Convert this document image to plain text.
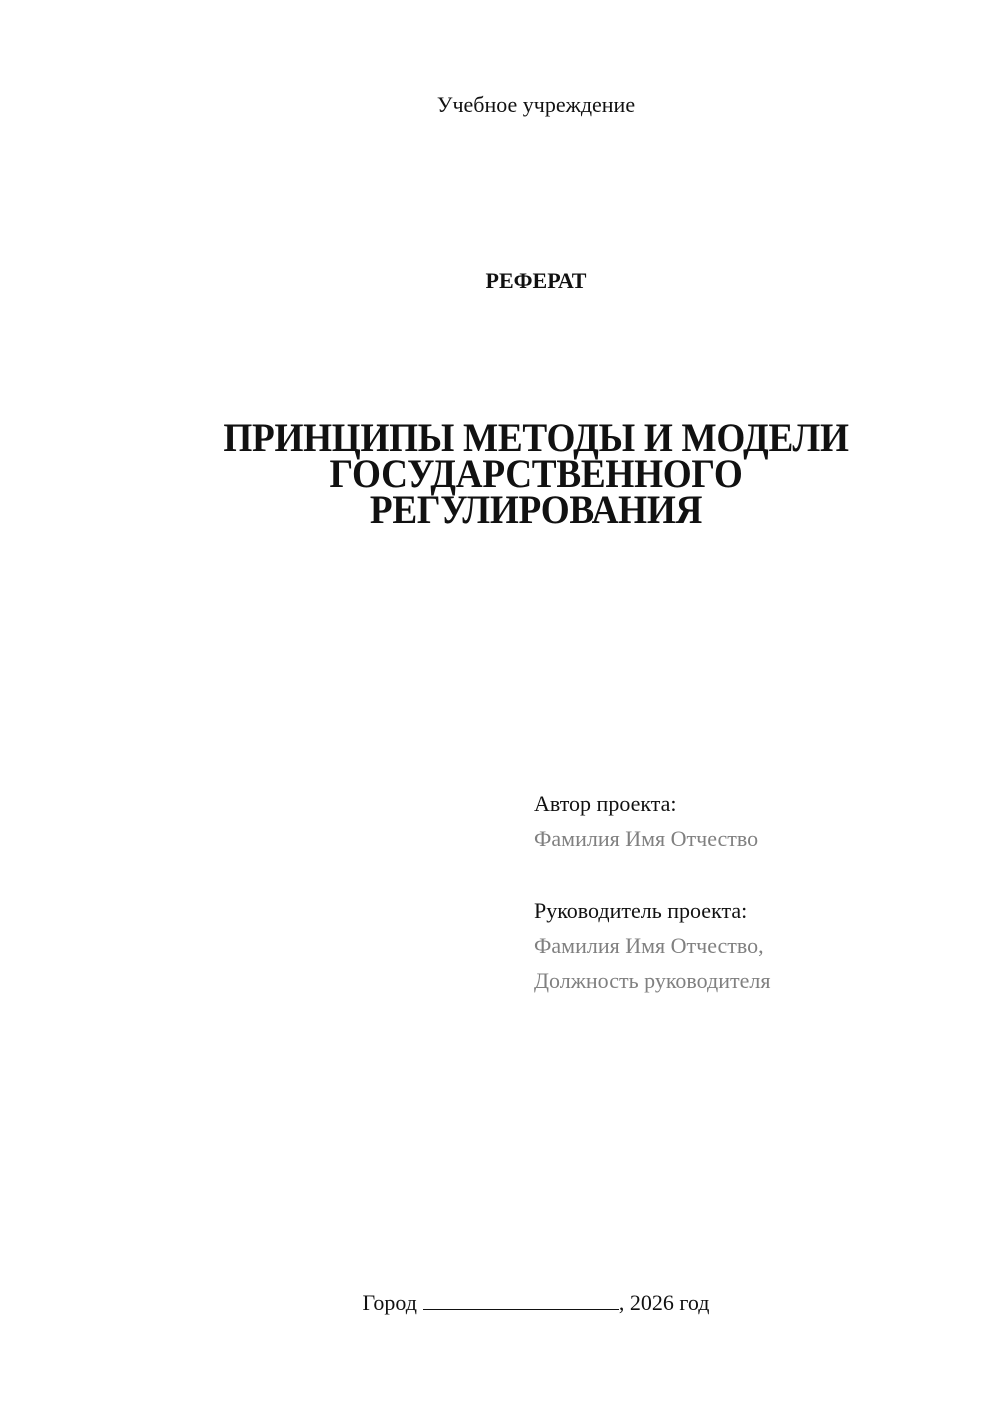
Учебное учреждение
РЕФЕРАТ
ПРИНЦИПЫ МЕТОДЫ И МОДЕЛИ
ГОСУДАРСТВЕННОГО
РЕГУЛИРОВАНИЯ
Автор проекта:
Фамилия Имя Отчество
Руководитель проекта:
Фамилия Имя Отчество,
Должность руководителя
Город	, 2026 год
